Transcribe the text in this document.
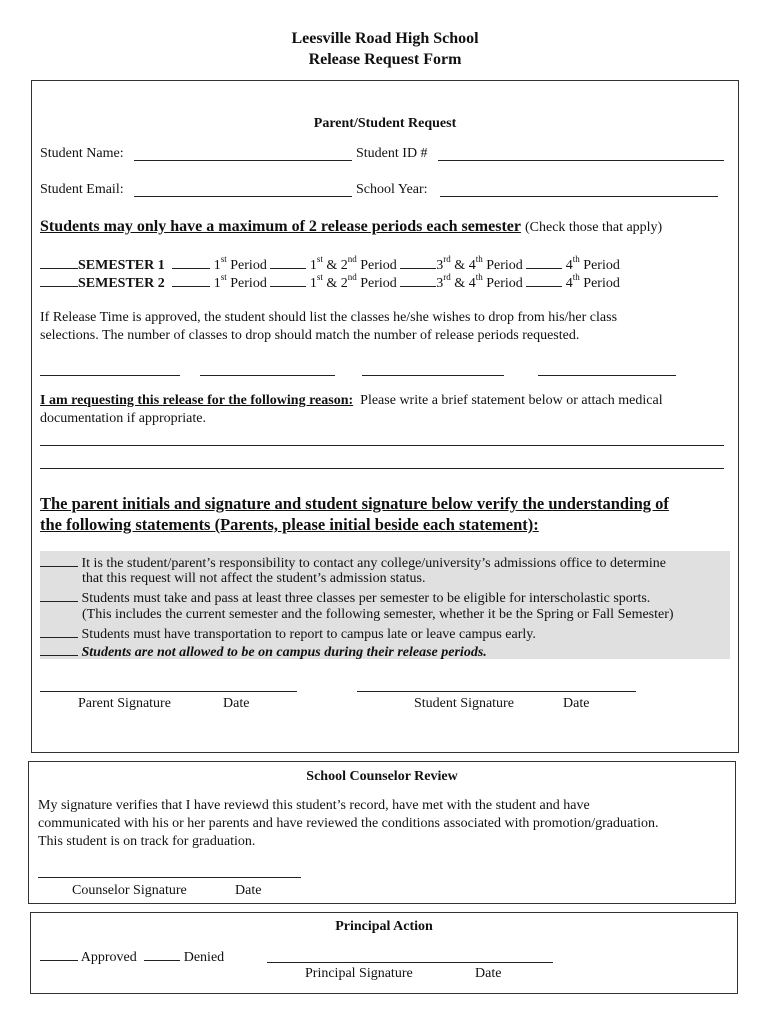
Leesville Road High School
Release Request Form
Parent/Student Request
Student Name:	Student ID #
Student Email:	School Year:
Students may only have a maximum of 2 release periods each semester (Check those that apply)
SEMESTER 1	1st Period	1st & 2nd Period	3rd & 4th Period	4th Period
SEMESTER 2	1st Period	1st & 2nd Period	3rd & 4th Period	4th Period
If Release Time is approved, the student should list the classes he/she wishes to drop from his/her class
selections. The number of classes to drop should match the number of release periods requested.
I am requesting this release for the following reason: Please write a brief statement below or attach medical
documentation if appropriate.
The parent initials and signature and student signature below verify the understanding of
the following statements (Parents, please initial beside each statement):
It is the student/parent’s responsibility to contact any college/university’s admissions office to determine
that this request will not affect the student’s admission status.
Students must take and pass at least three classes per semester to be eligible for interscholastic sports.
(This includes the current semester and the following semester, whether it be the Spring or Fall Semester)
Students must have transportation to report to campus late or leave campus early.
Students are not allowed to be on campus during their release periods.
Parent Signature	Date	Student Signature	Date
School Counselor Review
My signature verifies that I have reviewd this student’s record, have met with the student and have
communicated with his or her parents and have reviewed the conditions associated with promotion/graduation.
This student is on track for graduation.
Counselor Signature	Date
Principal Action
Approved	Denied
Principal Signature	Date
